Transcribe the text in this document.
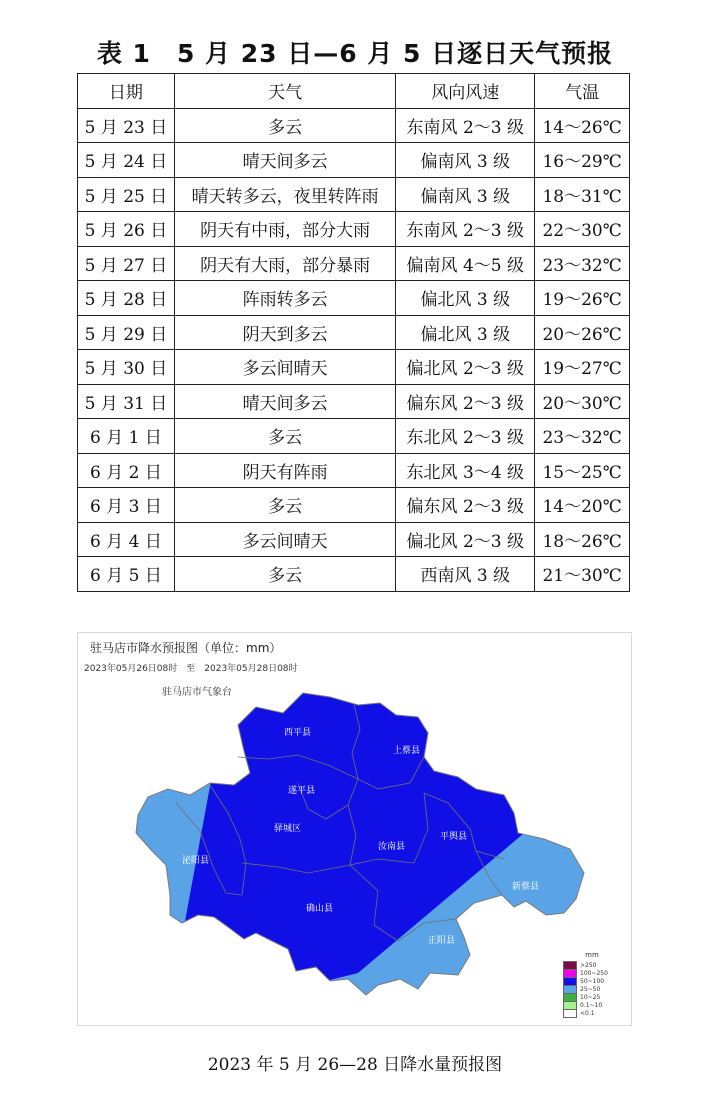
表 1　5 月 23 日—6 月 5 日逐日天气预报
日期	天气	风向风速	气温
5 月 23 日	多云	东南风 2～3 级	14～26℃
5 月 24 日	晴天间多云	偏南风 3 级	16～29℃
5 月 25 日	晴天转多云，夜里转阵雨	偏南风 3 级	18～31℃
5 月 26 日	阴天有中雨，部分大雨	东南风 2～3 级	22～30℃
5 月 27 日	阴天有大雨，部分暴雨	偏南风 4～5 级	23～32℃
5 月 28 日	阵雨转多云	偏北风 3 级	19～26℃
5 月 29 日	阴天到多云	偏北风 3 级	20～26℃
5 月 30 日	多云间晴天	偏北风 2～3 级	19～27℃
5 月 31 日	晴天间多云	偏东风 2～3 级	20～30℃
6 月 1 日	多云	东北风 2～3 级	23～32℃
6 月 2 日	阴天有阵雨	东北风 3～4 级	15～25℃
6 月 3 日	多云	偏东风 2～3 级	14～20℃
6 月 4 日	多云间晴天	偏北风 2～3 级	18～26℃
6 月 5 日	多云	西南风 3 级	21～30℃
驻马店市降水预报图（单位：mm）
2023年05月26日08时　至　2023年05月28日08时
驻马店市气象台
西平县
上蔡县
遂平县
驿城区
汝南县
平舆县
泌阳县
确山县
新蔡县
正阳县
mm
>250
100~250
50~100
25~50
10~25
0.1~10
<0.1
2023 年 5 月 26—28 日降水量预报图
